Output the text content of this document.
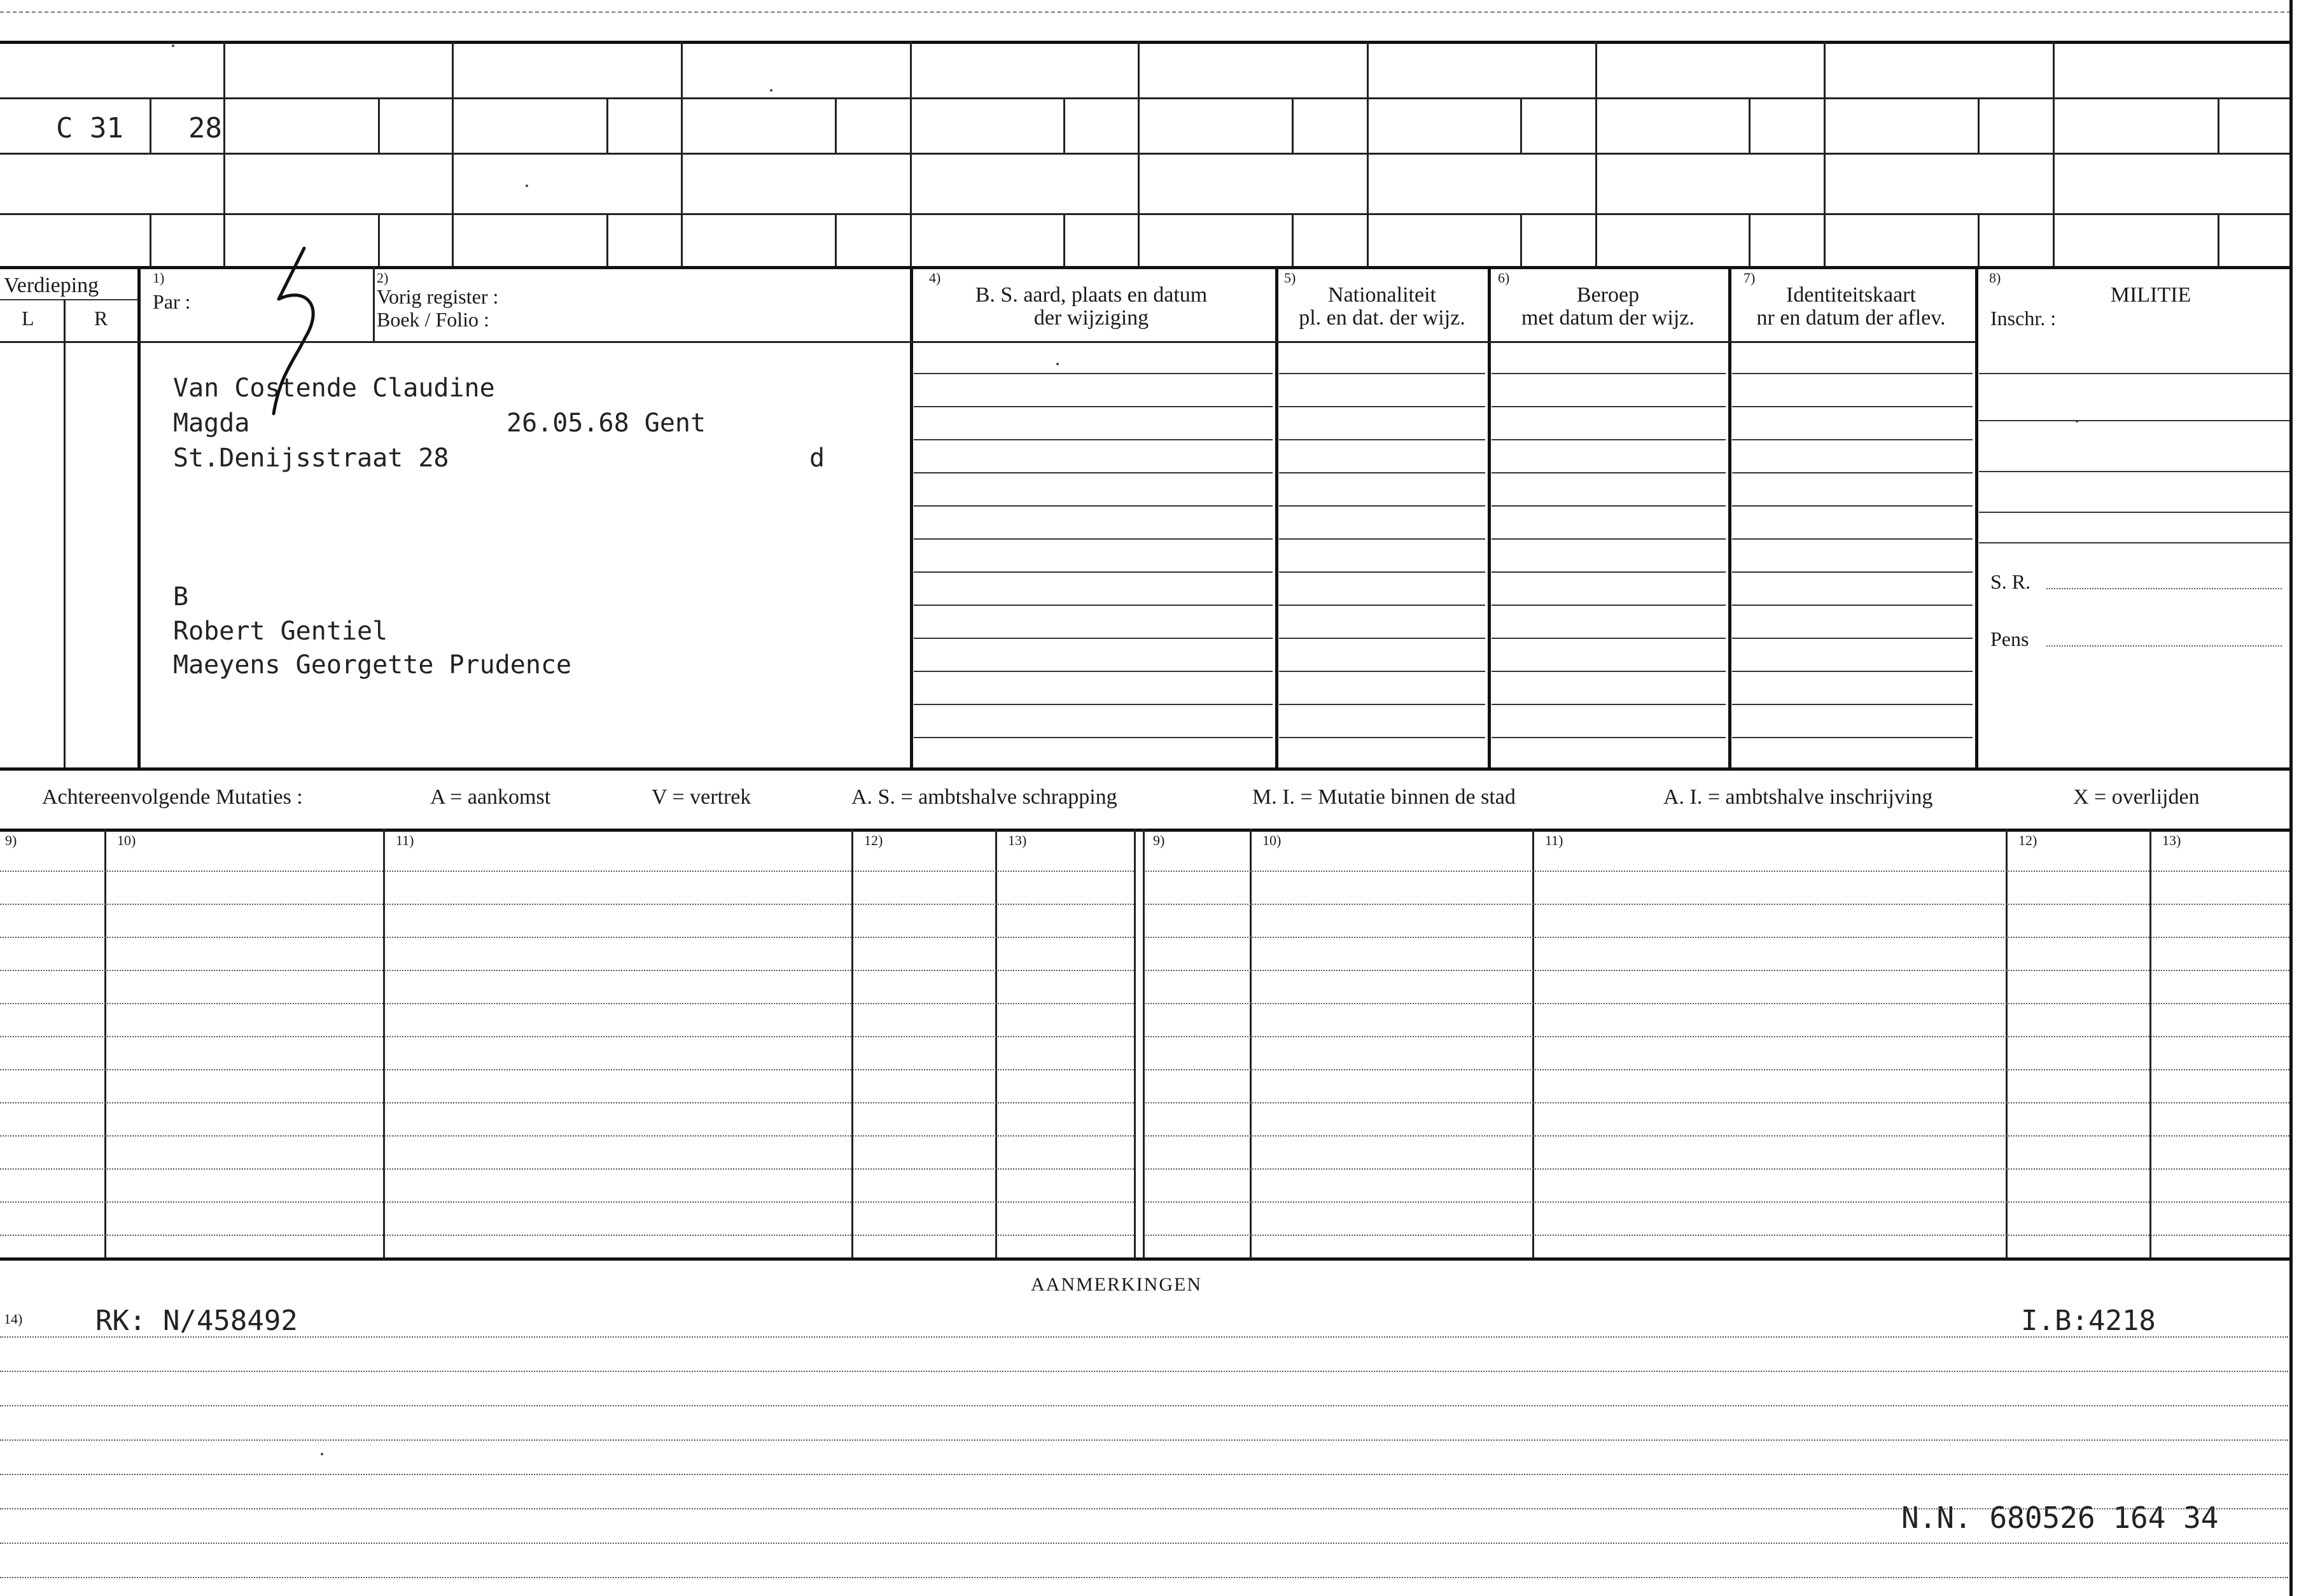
C 31 28
Verdieping
L	R
1)
Par :
2)
Vorig register :
Boek / Folio :
4)
B. S. aard, plaats en datum
der wijziging
5)
Nationaliteit
pl. en dat. der wijz.
6)
Beroep
met datum der wijz.
7)
Identiteitskaart
nr en datum der aflev.
8)
MILITIE
Inschr. :
Van Costende Claudine
Magda	26.05.68 Gent
St.Denijsstraat 28	d
B
Robert Gentiel
Maeyens Georgette Prudence
5
S. R.
Pens
Achtereenvolgende Mutaties :	A = aankomst	V = vertrek	A. S. = ambtshalve schrapping	M. I. = Mutatie binnen de stad	A. I. = ambtshalve inschrijving	X = overlijden
9)	10)	11)	12)	13)	9)	10)	11)	12)	13)
AANMERKINGEN
14)	RK: N/458492	I.B:4218
N.N. 680526 164 34
